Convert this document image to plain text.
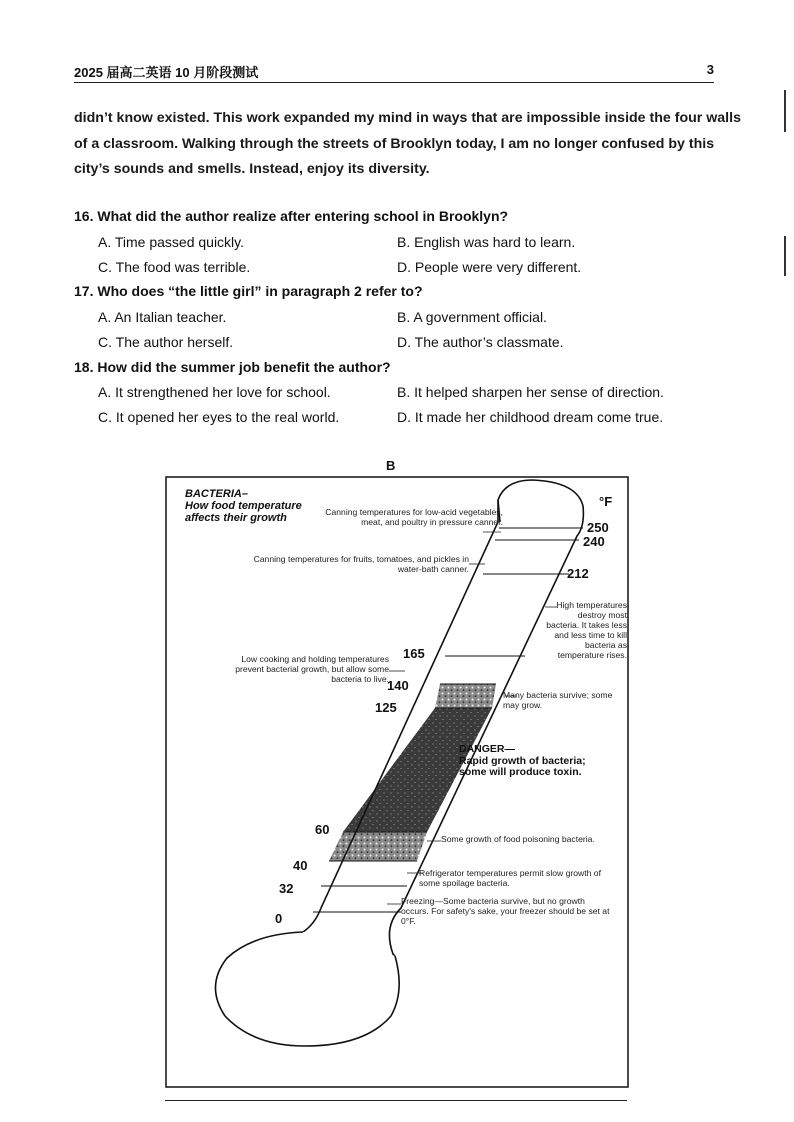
2025 届高二英语 10 月阶段测试	3
didn’t know existed. This work expanded my mind in ways that are impossible inside the four walls
of a classroom. Walking through the streets of Brooklyn today, I am no longer confused by this
city’s sounds and smells. Instead, enjoy its diversity.
16. What did the author realize after entering school in Brooklyn?
A. Time passed quickly.	B. English was hard to learn.
C. The food was terrible.	D. People were very different.
17. Who does “the little girl” in paragraph 2 refer to?
A. An Italian teacher.	B. A government official.
C. The author herself.	D. The author’s classmate.
18. How did the summer job benefit the author?
A. It strengthened her love for school.	B. It helped sharpen her sense of direction.
C. It opened her eyes to the real world.	D. It made her childhood dream come true.
B
BACTERIA–
How food temperature
affects their growth
°F
250
240
212
165
140
125
60
40
32
0
Canning temperatures for low-acid vegetables, meat, and poultry in pressure canner.
Canning temperatures for fruits, tomatoes, and pickles in water-bath canner.
High temperatures destroy most bacteria. It takes less and less time to kill bacteria as temperature rises.
Low cooking and holding temperatures prevent bacterial growth, but allow some bacteria to live.
Many bacteria survive; some may grow.
DANGER—
Rapid growth of bacteria; some will produce toxin.
Some growth of food poisoning bacteria.
Refrigerator temperatures permit slow growth of some spoilage bacteria.
Freezing—Some bacteria survive, but no growth occurs. For safety's sake, your freezer should be set at 0°F.
